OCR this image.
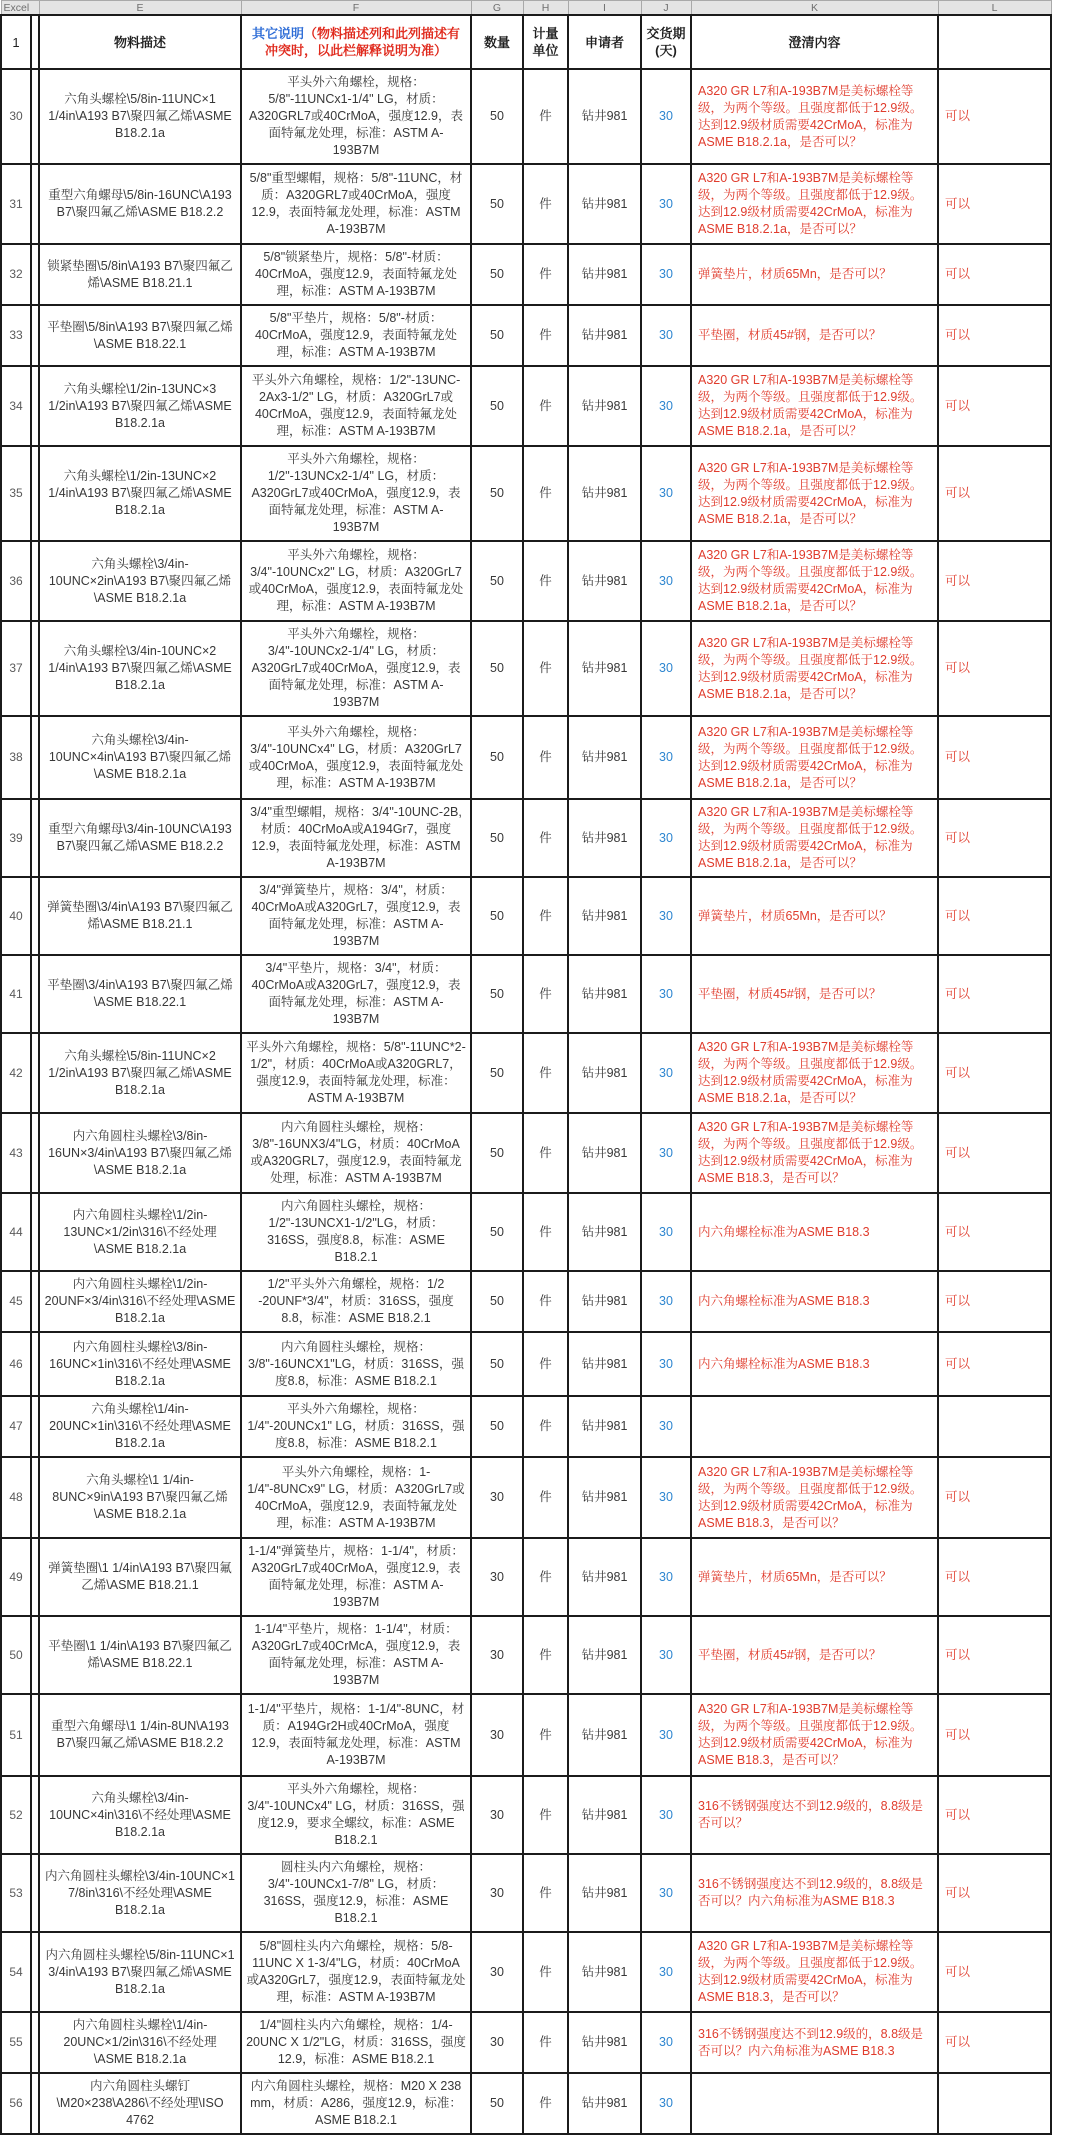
Excel		E	F	G	H	I	J	K	L
1		物料描述	其它说明（物料描述列和此列描述有冲突时，以此栏解释说明为准）	数量	计量单位	申请者	交货期(天)	澄清内容	
30		六角头螺栓\5/8in-11UNC×1 1/4in\A193 B7\聚四氟乙烯\ASME B18.2.1a	平头外六角螺栓，规格：5/8"-11UNCx1-1/4" LG，材质：A320GRL7或40CrMoA，强度12.9，表面特氟龙处理，标准：ASTM A-193B7M	50	件	钻井981	30	A320 GR L7和A-193B7M是美标螺栓等级，为两个等级。且强度都低于12.9级。达到12.9级材质需要42CrMoA，标准为ASME B18.2.1a，是否可以？	可以
31		重型六角螺母\5/8in-16UNC\A193 B7\聚四氟乙烯\ASME B18.2.2	5/8"重型螺帽，规格：5/8"-11UNC，材质：A320GRL7或40CrMoA，强度12.9，表面特氟龙处理，标准：ASTM A-193B7M	50	件	钻井981	30	A320 GR L7和A-193B7M是美标螺栓等级，为两个等级。且强度都低于12.9级。达到12.9级材质需要42CrMoA，标准为ASME B18.2.1a，是否可以？	可以
32		锁紧垫圈\5/8in\A193 B7\聚四氟乙烯\ASME B18.21.1	5/8"锁紧垫片，规格：5/8"-材质：40CrMoA，强度12.9，表面特氟龙处理，标准：ASTM A-193B7M	50	件	钻井981	30	弹簧垫片，材质65Mn，是否可以？	可以
33		平垫圈\5/8in\A193 B7\聚四氟乙烯\ASME B18.22.1	5/8"平垫片，规格：5/8"-材质：40CrMoA，强度12.9，表面特氟龙处理，标准：ASTM A-193B7M	50	件	钻井981	30	平垫圈，材质45#钢，是否可以？	可以
34		六角头螺栓\1/2in-13UNC×3 1/2in\A193 B7\聚四氟乙烯\ASME B18.2.1a	平头外六角螺栓，规格：1/2"-13UNC-2Ax3-1/2" LG，材质：A320GrL7或40CrMoA，强度12.9，表面特氟龙处理，标准：ASTM A-193B7M	50	件	钻井981	30	A320 GR L7和A-193B7M是美标螺栓等级，为两个等级。且强度都低于12.9级。达到12.9级材质需要42CrMoA，标准为ASME B18.2.1a，是否可以？	可以
35		六角头螺栓\1/2in-13UNC×2 1/4in\A193 B7\聚四氟乙烯\ASME B18.2.1a	平头外六角螺栓，规格：1/2"-13UNCx2-1/4" LG，材质：A320GrL7或40CrMoA，强度12.9，表面特氟龙处理，标准：ASTM A-193B7M	50	件	钻井981	30	A320 GR L7和A-193B7M是美标螺栓等级，为两个等级。且强度都低于12.9级。达到12.9级材质需要42CrMoA，标准为ASME B18.2.1a，是否可以？	可以
36		六角头螺栓\3/4in-10UNC×2in\A193 B7\聚四氟乙烯\ASME B18.2.1a	平头外六角螺栓，规格：3/4"-10UNCx2" LG，材质：A320GrL7或40CrMoA，强度12.9，表面特氟龙处理，标准：ASTM A-193B7M	50	件	钻井981	30	A320 GR L7和A-193B7M是美标螺栓等级，为两个等级。且强度都低于12.9级。达到12.9级材质需要42CrMoA，标准为ASME B18.2.1a，是否可以？	可以
37		六角头螺栓\3/4in-10UNC×2 1/4in\A193 B7\聚四氟乙烯\ASME B18.2.1a	平头外六角螺栓，规格：3/4"-10UNCx2-1/4" LG，材质：A320GrL7或40CrMoA，强度12.9，表面特氟龙处理，标准：ASTM A-193B7M	50	件	钻井981	30	A320 GR L7和A-193B7M是美标螺栓等级，为两个等级。且强度都低于12.9级。达到12.9级材质需要42CrMoA，标准为ASME B18.2.1a，是否可以？	可以
38		六角头螺栓\3/4in-10UNC×4in\A193 B7\聚四氟乙烯\ASME B18.2.1a	平头外六角螺栓，规格：3/4"-10UNCx4" LG，材质：A320GrL7或40CrMoA，强度12.9，表面特氟龙处理，标准：ASTM A-193B7M	50	件	钻井981	30	A320 GR L7和A-193B7M是美标螺栓等级，为两个等级。且强度都低于12.9级。达到12.9级材质需要42CrMoA，标准为ASME B18.2.1a，是否可以？	可以
39		重型六角螺母\3/4in-10UNC\A193 B7\聚四氟乙烯\ASME B18.2.2	3/4"重型螺帽，规格：3/4"-10UNC-2B,材质：40CrMoA或A194Gr7，强度12.9，表面特氟龙处理，标准：ASTM A-193B7M	50	件	钻井981	30	A320 GR L7和A-193B7M是美标螺栓等级，为两个等级。且强度都低于12.9级。达到12.9级材质需要42CrMoA，标准为ASME B18.2.1a，是否可以？	可以
40		弹簧垫圈\3/4in\A193 B7\聚四氟乙烯\ASME B18.21.1	3/4"弹簧垫片，规格：3/4"，材质：40CrMoA或A320GrL7，强度12.9，表面特氟龙处理，标准：ASTM A-193B7M	50	件	钻井981	30	弹簧垫片，材质65Mn，是否可以？	可以
41		平垫圈\3/4in\A193 B7\聚四氟乙烯\ASME B18.22.1	3/4"平垫片，规格：3/4"，材质：40CrMoA或A320GrL7，强度12.9，表面特氟龙处理，标准：ASTM A-193B7M	50	件	钻井981	30	平垫圈，材质45#钢，是否可以？	可以
42		六角头螺栓\5/8in-11UNC×2 1/2in\A193 B7\聚四氟乙烯\ASME B18.2.1a	平头外六角螺栓，规格：5/8"-11UNC*2-1/2"，材质：40CrMoA或A320GRL7，强度12.9，表面特氟龙处理，标准：ASTM A-193B7M	50	件	钻井981	30	A320 GR L7和A-193B7M是美标螺栓等级，为两个等级。且强度都低于12.9级。达到12.9级材质需要42CrMoA，标准为ASME B18.2.1a，是否可以？	可以
43		内六角圆柱头螺栓\3/8in-16UN×3/4in\A193 B7\聚四氟乙烯\ASME B18.2.1a	内六角圆柱头螺栓，规格：3/8"-16UNX3/4"LG，材质：40CrMoA或A320GRL7，强度12.9，表面特氟龙处理，标准：ASTM A-193B7M	50	件	钻井981	30	A320 GR L7和A-193B7M是美标螺栓等级，为两个等级。且强度都低于12.9级。达到12.9级材质需要42CrMoA，标准为ASME B18.3，是否可以？	可以
44		内六角圆柱头螺栓\1/2in-13UNC×1/2in\316\不经处理\ASME B18.2.1a	内六角圆柱头螺栓，规格：1/2"-13UNCX1-1/2"LG，材质：316SS，强度8.8，标准：ASME B18.2.1	50	件	钻井981	30	内六角螺栓标准为ASME B18.3	可以
45		内六角圆柱头螺栓\1/2in-20UNF×3/4in\316\不经处理\ASME B18.2.1a	1/2"平头外六角螺栓，规格：1/2 -20UNF*3/4"，材质：316SS，强度8.8，标准：ASME B18.2.1	50	件	钻井981	30	内六角螺栓标准为ASME B18.3	可以
46		内六角圆柱头螺栓\3/8in-16UNC×1in\316\不经处理\ASME B18.2.1a	内六角圆柱头螺栓，规格：3/8"-16UNCX1"LG，材质：316SS，强度8.8，标准：ASME B18.2.1	50	件	钻井981	30	内六角螺栓标准为ASME B18.3	可以
47		六角头螺栓\1/4in-20UNC×1in\316\不经处理\ASME B18.2.1a	平头外六角螺栓，规格：1/4"-20UNCx1" LG，材质：316SS，强度8.8，标准：ASME B18.2.1	50	件	钻井981	30		
48		六角头螺栓\1 1/4in-8UNC×9in\A193 B7\聚四氟乙烯\ASME B18.2.1a	平头外六角螺栓，规格：1-1/4"-8UNCx9" LG，材质：A320GrL7或40CrMoA，强度12.9，表面特氟龙处理，标准：ASTM A-193B7M	30	件	钻井981	30	A320 GR L7和A-193B7M是美标螺栓等级，为两个等级。且强度都低于12.9级。达到12.9级材质需要42CrMoA，标准为ASME B18.3，是否可以？	可以
49		弹簧垫圈\1 1/4in\A193 B7\聚四氟乙烯\ASME B18.21.1	1-1/4"弹簧垫片，规格：1-1/4"，材质：A320GrL7或40CrMoA，强度12.9，表面特氟龙处理，标准：ASTM A-193B7M	30	件	钻井981	30	弹簧垫片，材质65Mn，是否可以？	可以
50		平垫圈\1 1/4in\A193 B7\聚四氟乙烯\ASME B18.22.1	1-1/4"平垫片，规格：1-1/4"，材质：A320GrL7或40CrMcA，强度12.9，表面特氟龙处理，标准：ASTM A-193B7M	30	件	钻井981	30	平垫圈，材质45#钢，是否可以？	可以
51		重型六角螺母\1 1/4in-8UN\A193 B7\聚四氟乙烯\ASME B18.2.2	1-1/4"平垫片，规格：1-1/4"-8UNC，材质：A194Gr2H或40CrMoA，强度12.9，表面特氟龙处理，标准：ASTM A-193B7M	30	件	钻井981	30	A320 GR L7和A-193B7M是美标螺栓等级，为两个等级。且强度都低于12.9级。达到12.9级材质需要42CrMoA，标准为ASME B18.3，是否可以？	可以
52		六角头螺栓\3/4in-10UNC×4in\316\不经处理\ASME B18.2.1a	平头外六角螺栓，规格：3/4"-10UNCx4" LG，材质：316SS，强度12.9，要求全螺纹，标准：ASME B18.2.1	30	件	钻井981	30	316不锈钢强度达不到12.9级的，8.8级是否可以？	可以
53		内六角圆柱头螺栓\3/4in-10UNC×1 7/8in\316\不经处理\ASME B18.2.1a	圆柱头内六角螺栓，规格：3/4"-10UNCx1-7/8" LG，材质：316SS，强度12.9，标准：ASME B18.2.1	30	件	钻井981	30	316不锈钢强度达不到12.9级的，8.8级是否可以？内六角标准为ASME B18.3	可以
54		内六角圆柱头螺栓\5/8in-11UNC×1 3/4in\A193 B7\聚四氟乙烯\ASME B18.2.1a	5/8"圆柱头内六角螺栓，规格：5/8-11UNC X 1-3/4"LG，材质：40CrMoA或A320GrL7，强度12.9，表面特氟龙处理，标准：ASTM A-193B7M	30	件	钻井981	30	A320 GR L7和A-193B7M是美标螺栓等级，为两个等级。且强度都低于12.9级。达到12.9级材质需要42CrMoA，标准为ASME B18.3，是否可以？	可以
55		内六角圆柱头螺栓\1/4in-20UNC×1/2in\316\不经处理\ASME B18.2.1a	1/4"圆柱头内六角螺栓，规格：1/4-20UNC X 1/2"LG，材质：316SS，强度12.9，标准：ASME B18.2.1	30	件	钻井981	30	316不锈钢强度达不到12.9级的，8.8级是否可以？内六角标准为ASME B18.3	可以
56		内六角圆柱头螺钉\M20×238\A286\不经处理\ISO 4762	内六角圆柱头螺栓，规格：M20 X 238 mm，材质：A286，强度12.9，标准：ASME B18.2.1	50	件	钻井981	30		
